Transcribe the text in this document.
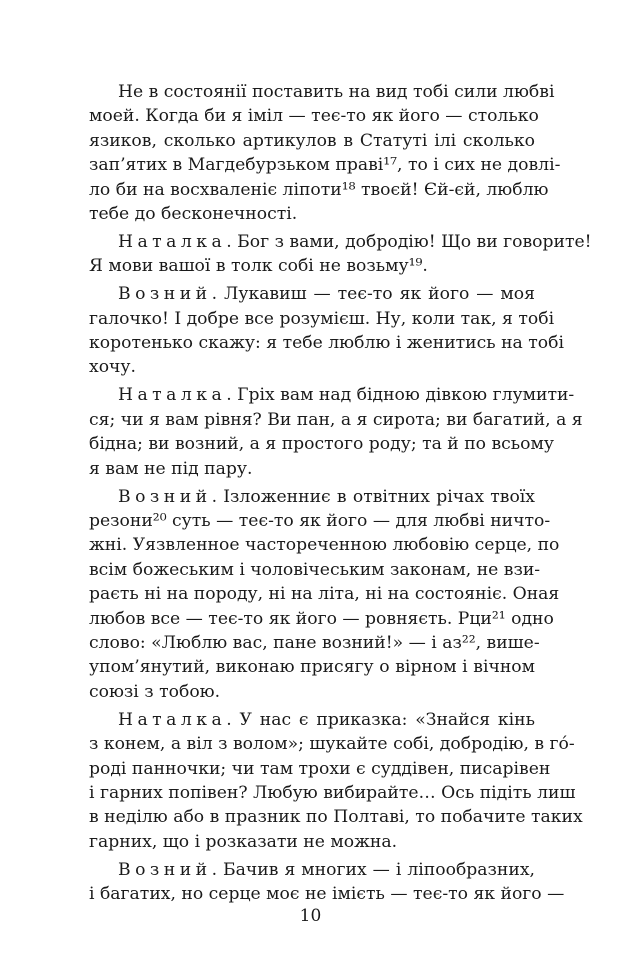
Не в состоянії поставить на вид тобі сили любві
моей. Когда би я імiл — теє-то як його — столько
язиков, сколько артикулов в Статуті ілі сколько
зап’ятих в Магдебурзьком праві¹⁷, то і сих не довлі-
ло би на восхваленіє ліпоти¹⁸ твоєй! Єй-єй, люблю
тебе до бесконечності.
Наталка. Бог з вами, добродію! Що ви говорите!
Я мови вашої в толк собі не возьму¹⁹.
Возний. Лукавиш — теє-то як його — моя
галочко! І добре все розумієш. Ну, коли так, я тобі
коротенько скажу: я тебе люблю і женитись на тобі
хочу.
Наталка. Гріх вам над бідною дівкою глумити-
ся; чи я вам рівня? Ви пан, а я сирота; ви багатий, а я
бідна; ви возний, а я простого роду; та й по всьому
я вам не під пару.
Возний. Ізложенниє в отвітних річах твоїх
резони²⁰ суть — теє-то як його — для любві ничто-
жні. Уязвленное частореченною любовію серце, по
всім божеським і чоловічеським законам, не взи-
раєть ні на породу, ні на літа, ні на состояніє. Оная
любов все — теє-то як його — ровняєть. Рци²¹ одно
слово: «Люблю вас, пане возний!» — і аз²², више-
упом’янутий, виконаю присягу о вірном і вічном
союзі з тобою.
Наталка. У нас є приказка: «Знайся кінь
з конем, а віл з волом»; шукайте собі, добродію, в го́-
роді панночки; чи там трохи є суддівен, писарівен
і гарних попівен? Любую вибирайте… Ось підіть лиш
в неділю або в празник по Полтаві, то побачите таких
гарних, що і розказати не можна.
Возний. Бачив я многих — і ліпообразних,
і багатих, но серце моє не імієть — теє-то як його —
10
